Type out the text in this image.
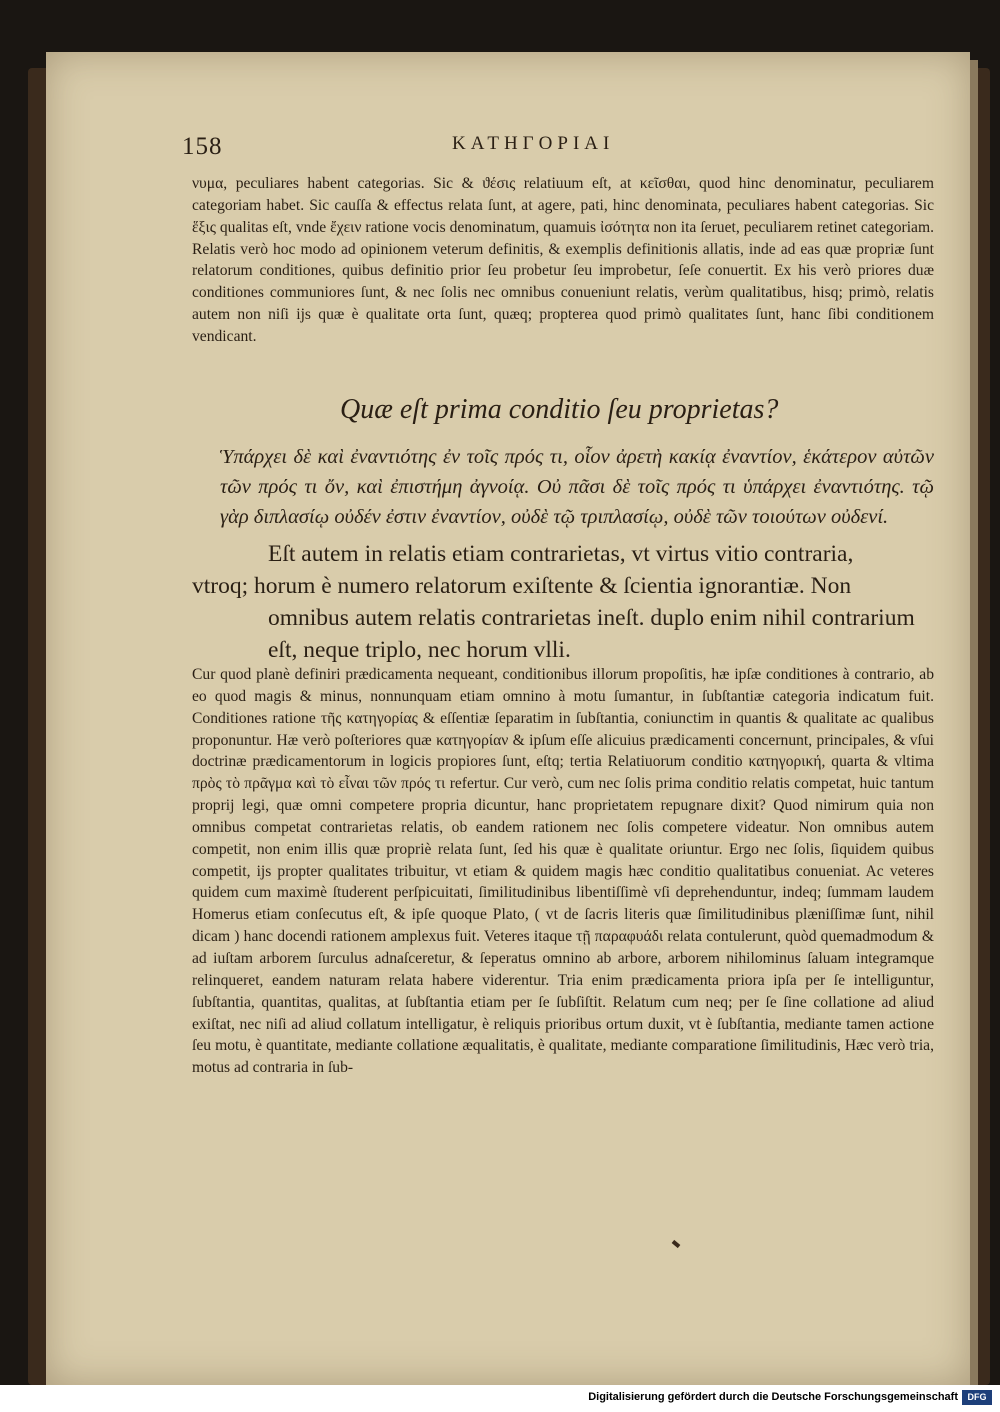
158	ΚΑΤΗΓΟΡΙΑΙ

νυμα, peculiares habent categorias. Sic & ϑέσις relatiuum eſt, at κεῖσθαι, quod hinc denominatur, peculiarem categoriam habet. Sic cauſſa & effectus relata ſunt, at agere, pati, hinc denominata, peculiares habent categorias. Sic ἕξις qualitas eſt, vnde ἔχειν ratione vocis denominatum, quamuis ἰσότητα non ita ſeruet, peculiarem retinet categoriam. Relatis verò hoc modo ad opinionem veterum definitis, & exemplis definitionis allatis, inde ad eas quæ propriæ ſunt relatorum conditiones, quibus definitio prior ſeu probetur ſeu improbetur, ſeſe conuertit. Ex his verò priores duæ conditiones communiores ſunt, & nec ſolis nec omnibus conueniunt relatis, verùm qualitatibus, hisq; primò, relatis autem non niſi ijs quæ è qualitate orta ſunt, quæq; propterea quod primò qualitates ſunt, hanc ſibi conditionem vendicant.

Quæ eſt prima conditio ſeu proprietas?

Ὑπάρχει δὲ καὶ ἐναντιότης ἐν τοῖς πρός τι, οἷον ἀρετὴ κακίᾳ ἐναντίον, ἑκάτερον αὐτῶν τῶν πρός τι ὄν, καὶ ἐπιστήμη ἀγνοίᾳ. Οὐ πᾶσι δὲ τοῖς πρός τι ὑπάρχει ἐναντιότης. τῷ γὰρ διπλασίῳ οὐδέν ἐστιν ἐναντίον, οὐδὲ τῷ τριπλασίῳ, οὐδὲ τῶν τοιούτων οὐδενί.

Eſt autem in relatis etiam contrarietas, vt virtus vitio contraria,
vtroq; horum è numero relatorum exiſtente & ſcientia ignorantiæ. Non omnibus autem relatis contrarietas ineſt. duplo enim nihil contrarium eſt, neque triplo, nec horum vlli.

Cur quod planè definiri prædicamenta nequeant, conditionibus illorum propoſitis, hæ ipſæ conditiones à contrario, ab eo quod magis & minus, nonnunquam etiam omnino à motu ſumantur, in ſubſtantiæ categoria indicatum fuit. Conditiones ratione τῆς κατηγορίας & eſſentiæ ſeparatim in ſubſtantia, coniunctim in quantis & qualitate ac qualibus proponuntur. Hæ verò poſteriores quæ κατηγορίαν & ipſum eſſe alicuius prædicamenti concernunt, principales, & vſui doctrinæ prædicamentorum in logicis propiores ſunt, eſtq; tertia Relatiuorum conditio κατηγορική, quarta & vltima πρὸς τὸ πρᾶγμα καὶ τὸ εἶναι τῶν πρός τι refertur. Cur verò, cum nec ſolis prima conditio relatis competat, huic tantum proprij legi, quæ omni competere propria dicuntur, hanc proprietatem repugnare dixit? Quod nimirum quia non omnibus competat contrarietas relatis, ob eandem rationem nec ſolis competere videatur. Non omnibus autem competit, non enim illis quæ propriè relata ſunt, ſed his quæ è qualitate oriuntur. Ergo nec ſolis, ſiquidem quibus competit, ijs propter qualitates tribuitur, vt etiam & quidem magis hæc conditio qualitatibus conueniat. Ac veteres quidem cum maximè ſtuderent perſpicuitati, ſimilitudinibus libentiſſimè vſi deprehenduntur, indeq; ſummam laudem Homerus etiam conſecutus eſt, & ipſe quoque Plato, ( vt de ſacris literis quæ ſimilitudinibus plæniſſimæ ſunt, nihil dicam ) hanc docendi rationem amplexus fuit. Veteres itaque τῇ παραφυάδι relata contulerunt, quòd quemadmodum & ad iuſtam arborem ſurculus adnaſceretur, & ſeperatus omnino ab arbore, arborem nihilominus ſaluam integramque relinqueret, eandem naturam relata habere viderentur. Tria enim prædicamenta priora ipſa per ſe intelliguntur, ſubſtantia, quantitas, qualitas, at ſubſtantia etiam per ſe ſubſiſtit. Relatum cum neq; per ſe ſine collatione ad aliud exiſtat, nec niſi ad aliud collatum intelligatur, è reliquis prioribus ortum duxit, vt è ſubſtantia, mediante tamen actione ſeu motu, è quantitate, mediante collatione æqualitatis, è qualitate, mediante comparatione ſimilitudinis, Hæc verò tria, motus ad contraria in ſub-

Digitalisierung gefördert durch die Deutsche Forschungsgemeinschaft	DFG
